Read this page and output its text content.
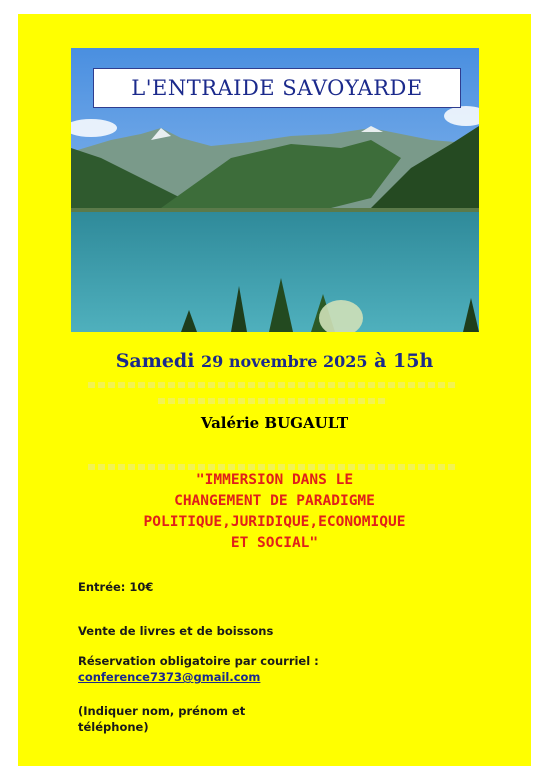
L'ENTRAIDE SAVOYARDE
Samedi 29 novembre 2025 à 15h
Valérie BUGAULT
"IMMERSION DANS LE
CHANGEMENT DE PARADIGME
POLITIQUE,JURIDIQUE,ECONOMIQUE
ET SOCIAL"
Entrée: 10€
Vente de livres et de boissons
Réservation obligatoire par courriel :
conference7373@gmail.com
(Indiquer nom, prénom et
téléphone)
